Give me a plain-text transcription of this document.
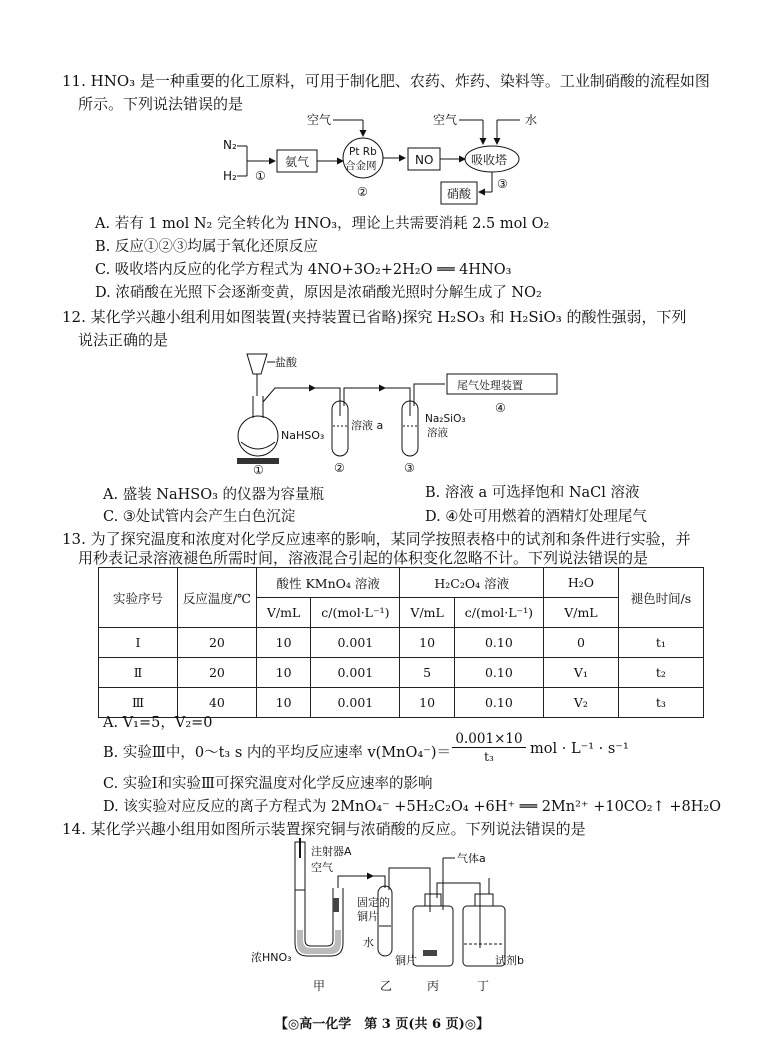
11. HNO₃ 是一种重要的化工原料，可用于制化肥、农药、炸药、染料等。工业制硝酸的流程如图
所示。下列说法错误的是
N₂
H₂ ①
氨气
空气
Pt Rb
合金网
②
NO
空气	水
吸收塔
③
硝酸
A. 若有 1 mol N₂ 完全转化为 HNO₃，理论上共需要消耗 2.5 mol O₂
B. 反应①②③均属于氧化还原反应
C. 吸收塔内反应的化学方程式为 4NO+3O₂+2H₂O ══ 4HNO₃
D. 浓硝酸在光照下会逐渐变黄，原因是浓硝酸光照时分解生成了 NO₂
12. 某化学兴趣小组利用如图装置(夹持装置已省略)探究 H₂SO₃ 和 H₂SiO₃ 的酸性强弱，下列
说法正确的是
盐酸
NaHSO₃
①
溶液 a
②
Na₂SiO₃
溶液
③
尾气处理装置
④
A. 盛装 NaHSO₃ 的仪器为容量瓶	B. 溶液 a 可选择饱和 NaCl 溶液
C. ③处试管内会产生白色沉淀	D. ④处可用燃着的酒精灯处理尾气
13. 为了探究温度和浓度对化学反应速率的影响，某同学按照表格中的试剂和条件进行实验，并
用秒表记录溶液褪色所需时间，溶液混合引起的体积变化忽略不计。下列说法错误的是
实验序号	反应温度/℃	酸性 KMnO₄ 溶液		H₂C₂O₄ 溶液		H₂O	褪色时间/s
		V/mL	c/(mol·L⁻¹)	V/mL	c/(mol·L⁻¹)	V/mL	
Ⅰ	20	10	0.001	10	0.10	0	t₁
Ⅱ	20	10	0.001	5	0.10	V₁	t₂
Ⅲ	40	10	0.001	10	0.10	V₂	t₃
A. V₁=5，V₂=0
B. 实验Ⅲ中，0～t₃ s 内的平均反应速率 v(MnO₄⁻)＝
0.001×10
t₃	mol · L⁻¹ · s⁻¹
C. 实验Ⅰ和实验Ⅲ可探究温度对化学反应速率的影响
D. 该实验对应反应的离子方程式为 2MnO₄⁻ +5H₂C₂O₄ +6H⁺ ══ 2Mn²⁺ +10CO₂↑ +8H₂O
14. 某化学兴趣小组用如图所示装置探究铜与浓硝酸的反应。下列说法错误的是
注射器A
空气
浓HNO₃
固定的
铜片
水
铜片
气体a
试剂b
甲	乙	丙	丁
【◎高一化学　第 3 页(共 6 页)◎】
